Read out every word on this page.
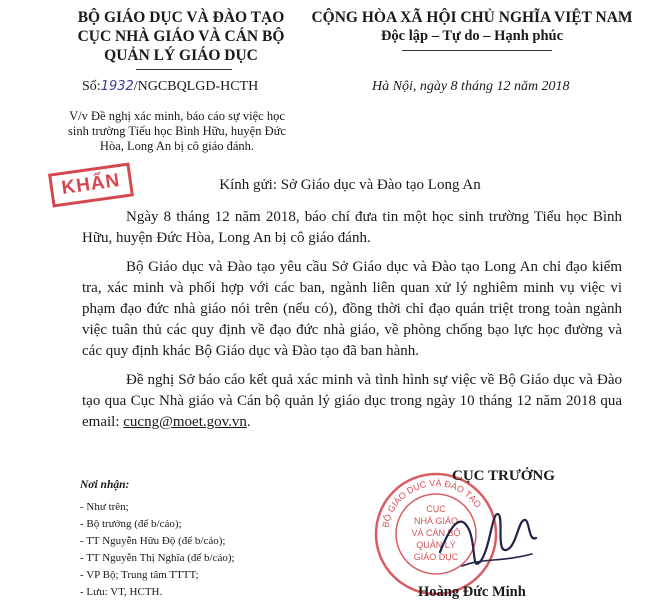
BỘ GIÁO DỤC VÀ ĐÀO TẠO
CỤC NHÀ GIÁO VÀ CÁN BỘ
QUẢN LÝ GIÁO DỤC
CỘNG HÒA XÃ HỘI CHỦ NGHĨA VIỆT NAM
Độc lập – Tự do – Hạnh phúc
Số:1932/NGCBQLGD-HCTH	Hà Nội, ngày 8 tháng 12 năm 2018
V/v Đề nghị xác minh, báo cáo sự việc học
sinh trường Tiểu học Bình Hữu, huyện Đức
Hòa, Long An bị cô giáo đánh.
KHẨN	Kính gửi: Sở Giáo dục và Đào tạo Long An

Ngày 8 tháng 12 năm 2018, báo chí đưa tin một học sinh trường Tiểu học Bình Hữu, huyện Đức Hòa, Long An bị cô giáo đánh.

Bộ Giáo dục và Đào tạo yêu cầu Sở Giáo dục và Đào tạo Long An chỉ đạo kiểm tra, xác minh và phối hợp với các ban, ngành liên quan xử lý nghiêm minh vụ việc vi phạm đạo đức nhà giáo nói trên (nếu có), đồng thời chỉ đạo quán triệt trong toàn ngành việc tuân thủ các quy định về đạo đức nhà giáo, về phòng chống bạo lực học đường và các quy định khác Bộ Giáo dục và Đào tạo đã ban hành.

Đề nghị Sở báo cáo kết quả xác minh và tình hình sự việc về Bộ Giáo dục và Đào tạo qua Cục Nhà giáo và Cán bộ quản lý giáo dục trong ngày 10 tháng 12 năm 2018 qua email: cucng@moet.gov.vn.

Nơi nhận:
- Như trên;
- Bộ trưởng (để b/cáo);
- TT Nguyễn Hữu Độ (để b/cáo);
- TT Nguyễn Thị Nghĩa (để b/cáo);
- VP Bộ; Trung tâm TTTT;
- Lưu: VT, HCTH.
BỘ GIÁO DỤC VÀ ĐÀO TẠO
CỤC
NHÀ GIÁO
VÀ CÁN BỘ
QUẢN LÝ
GIÁO DỤC
CỤC TRƯỞNG
Hoàng Đức Minh
